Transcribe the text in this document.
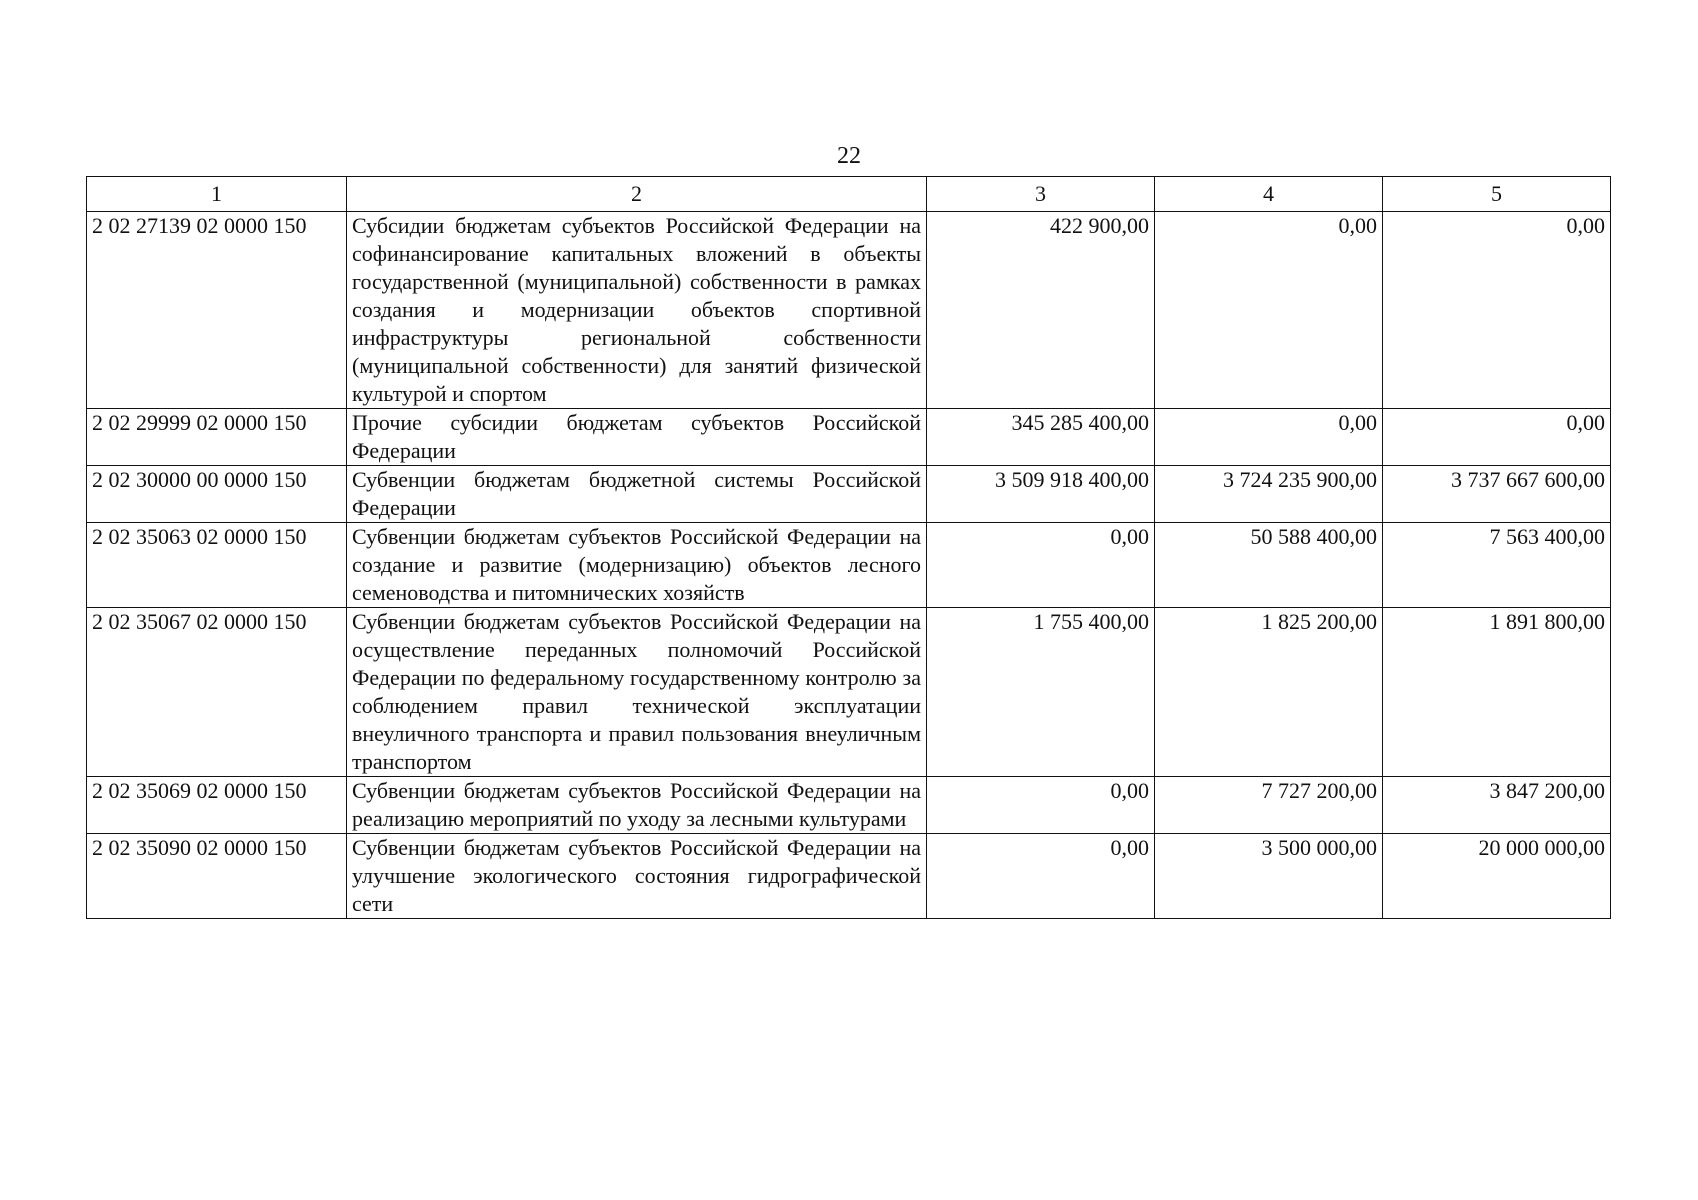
22
1	2	3	4	5
2 02 27139 02 0000 150	Субсидии бюджетам субъектов Российской Федерации на софинансирование капитальных вложений в объекты государственной (муниципальной) собственности в рамках создания и модернизации объектов спортивной инфраструктуры региональной собственности (муниципальной собственности) для занятий физической культурой и спортом	422 900,00	0,00	0,00
2 02 29999 02 0000 150	Прочие субсидии бюджетам субъектов Российской Федерации	345 285 400,00	0,00	0,00
2 02 30000 00 0000 150	Субвенции бюджетам бюджетной системы Российской Федерации	3 509 918 400,00	3 724 235 900,00	3 737 667 600,00
2 02 35063 02 0000 150	Субвенции бюджетам субъектов Российской Федерации на создание и развитие (модернизацию) объектов лесного семеноводства и питомнических хозяйств	0,00	50 588 400,00	7 563 400,00
2 02 35067 02 0000 150	Субвенции бюджетам субъектов Российской Федерации на осуществление переданных полномочий Российской Федерации по федеральному государственному контролю за соблюдением правил технической эксплуатации внеуличного транспорта и правил пользования внеуличным транспортом	1 755 400,00	1 825 200,00	1 891 800,00
2 02 35069 02 0000 150	Субвенции бюджетам субъектов Российской Федерации на реализацию мероприятий по уходу за лесными культурами	0,00	7 727 200,00	3 847 200,00
2 02 35090 02 0000 150	Субвенции бюджетам субъектов Российской Федерации на улучшение экологического состояния гидрографической сети	0,00	3 500 000,00	20 000 000,00
